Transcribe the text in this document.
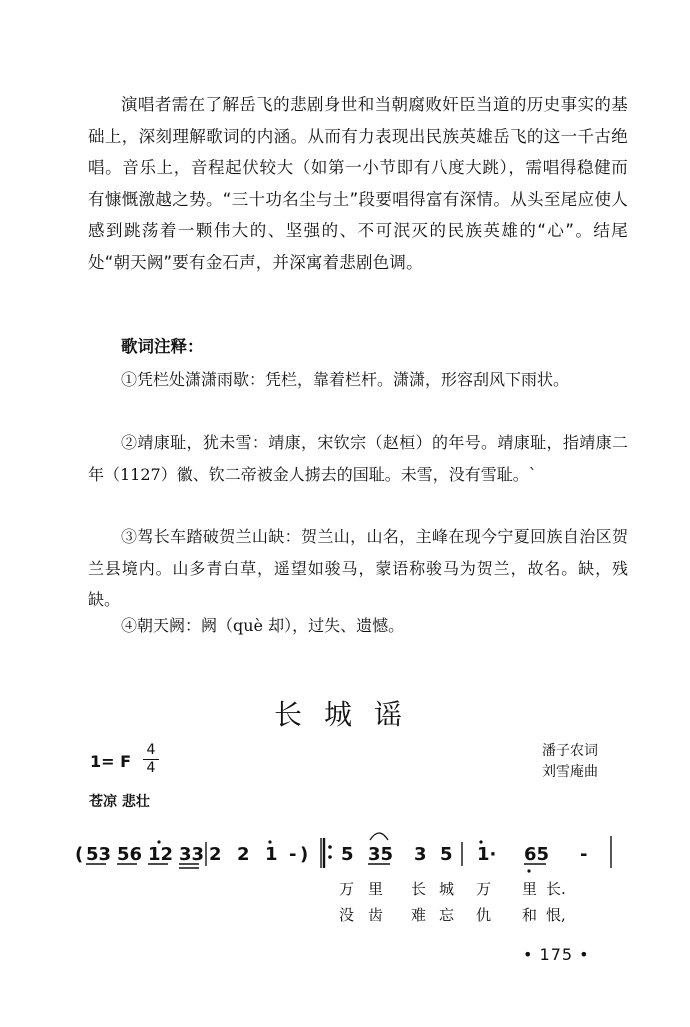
演唱者需在了解岳飞的悲剧身世和当朝腐败奸臣当道的历史事实的基础上，深刻理解歌词的内涵。从而有力表现出民族英雄岳飞的这一千古绝唱。音乐上，音程起伏较大（如第一小节即有八度大跳），需唱得稳健而有慷慨激越之势。“三十功名尘与土”段要唱得富有深情。从头至尾应使人感到跳荡着一颗伟大的、坚强的、不可泯灭的民族英雄的“心”。结尾处“朝天阙”要有金石声，并深寓着悲剧色调。
歌词注释：
①凭栏处潇潇雨歇：凭栏，靠着栏杆。潇潇，形容刮风下雨状。
②靖康耻，犹未雪：靖康，宋钦宗（赵桓）的年号。靖康耻，指靖康二年（1127）徽、钦二帝被金人掳去的国耻。未雪，没有雪耻。`
③驾长车踏破贺兰山缺：贺兰山，山名，主峰在现今宁夏回族自治区贺兰县境内。山多青白草，遥望如骏马，蒙语称骏马为贺兰，故名。缺，残缺。
④朝天阙：阙（què 却），过失、遗憾。
长城谣
1= F $\frac{4}{4}$
苍凉 悲壮
潘子农词
刘雪庵曲
( 53 56 12 33 2 2 1 - ) 5 35 3 5 1· 65 -
万 里 长 城 万 里 长.
没 齿 难 忘 仇 和 恨,
• 175 •
